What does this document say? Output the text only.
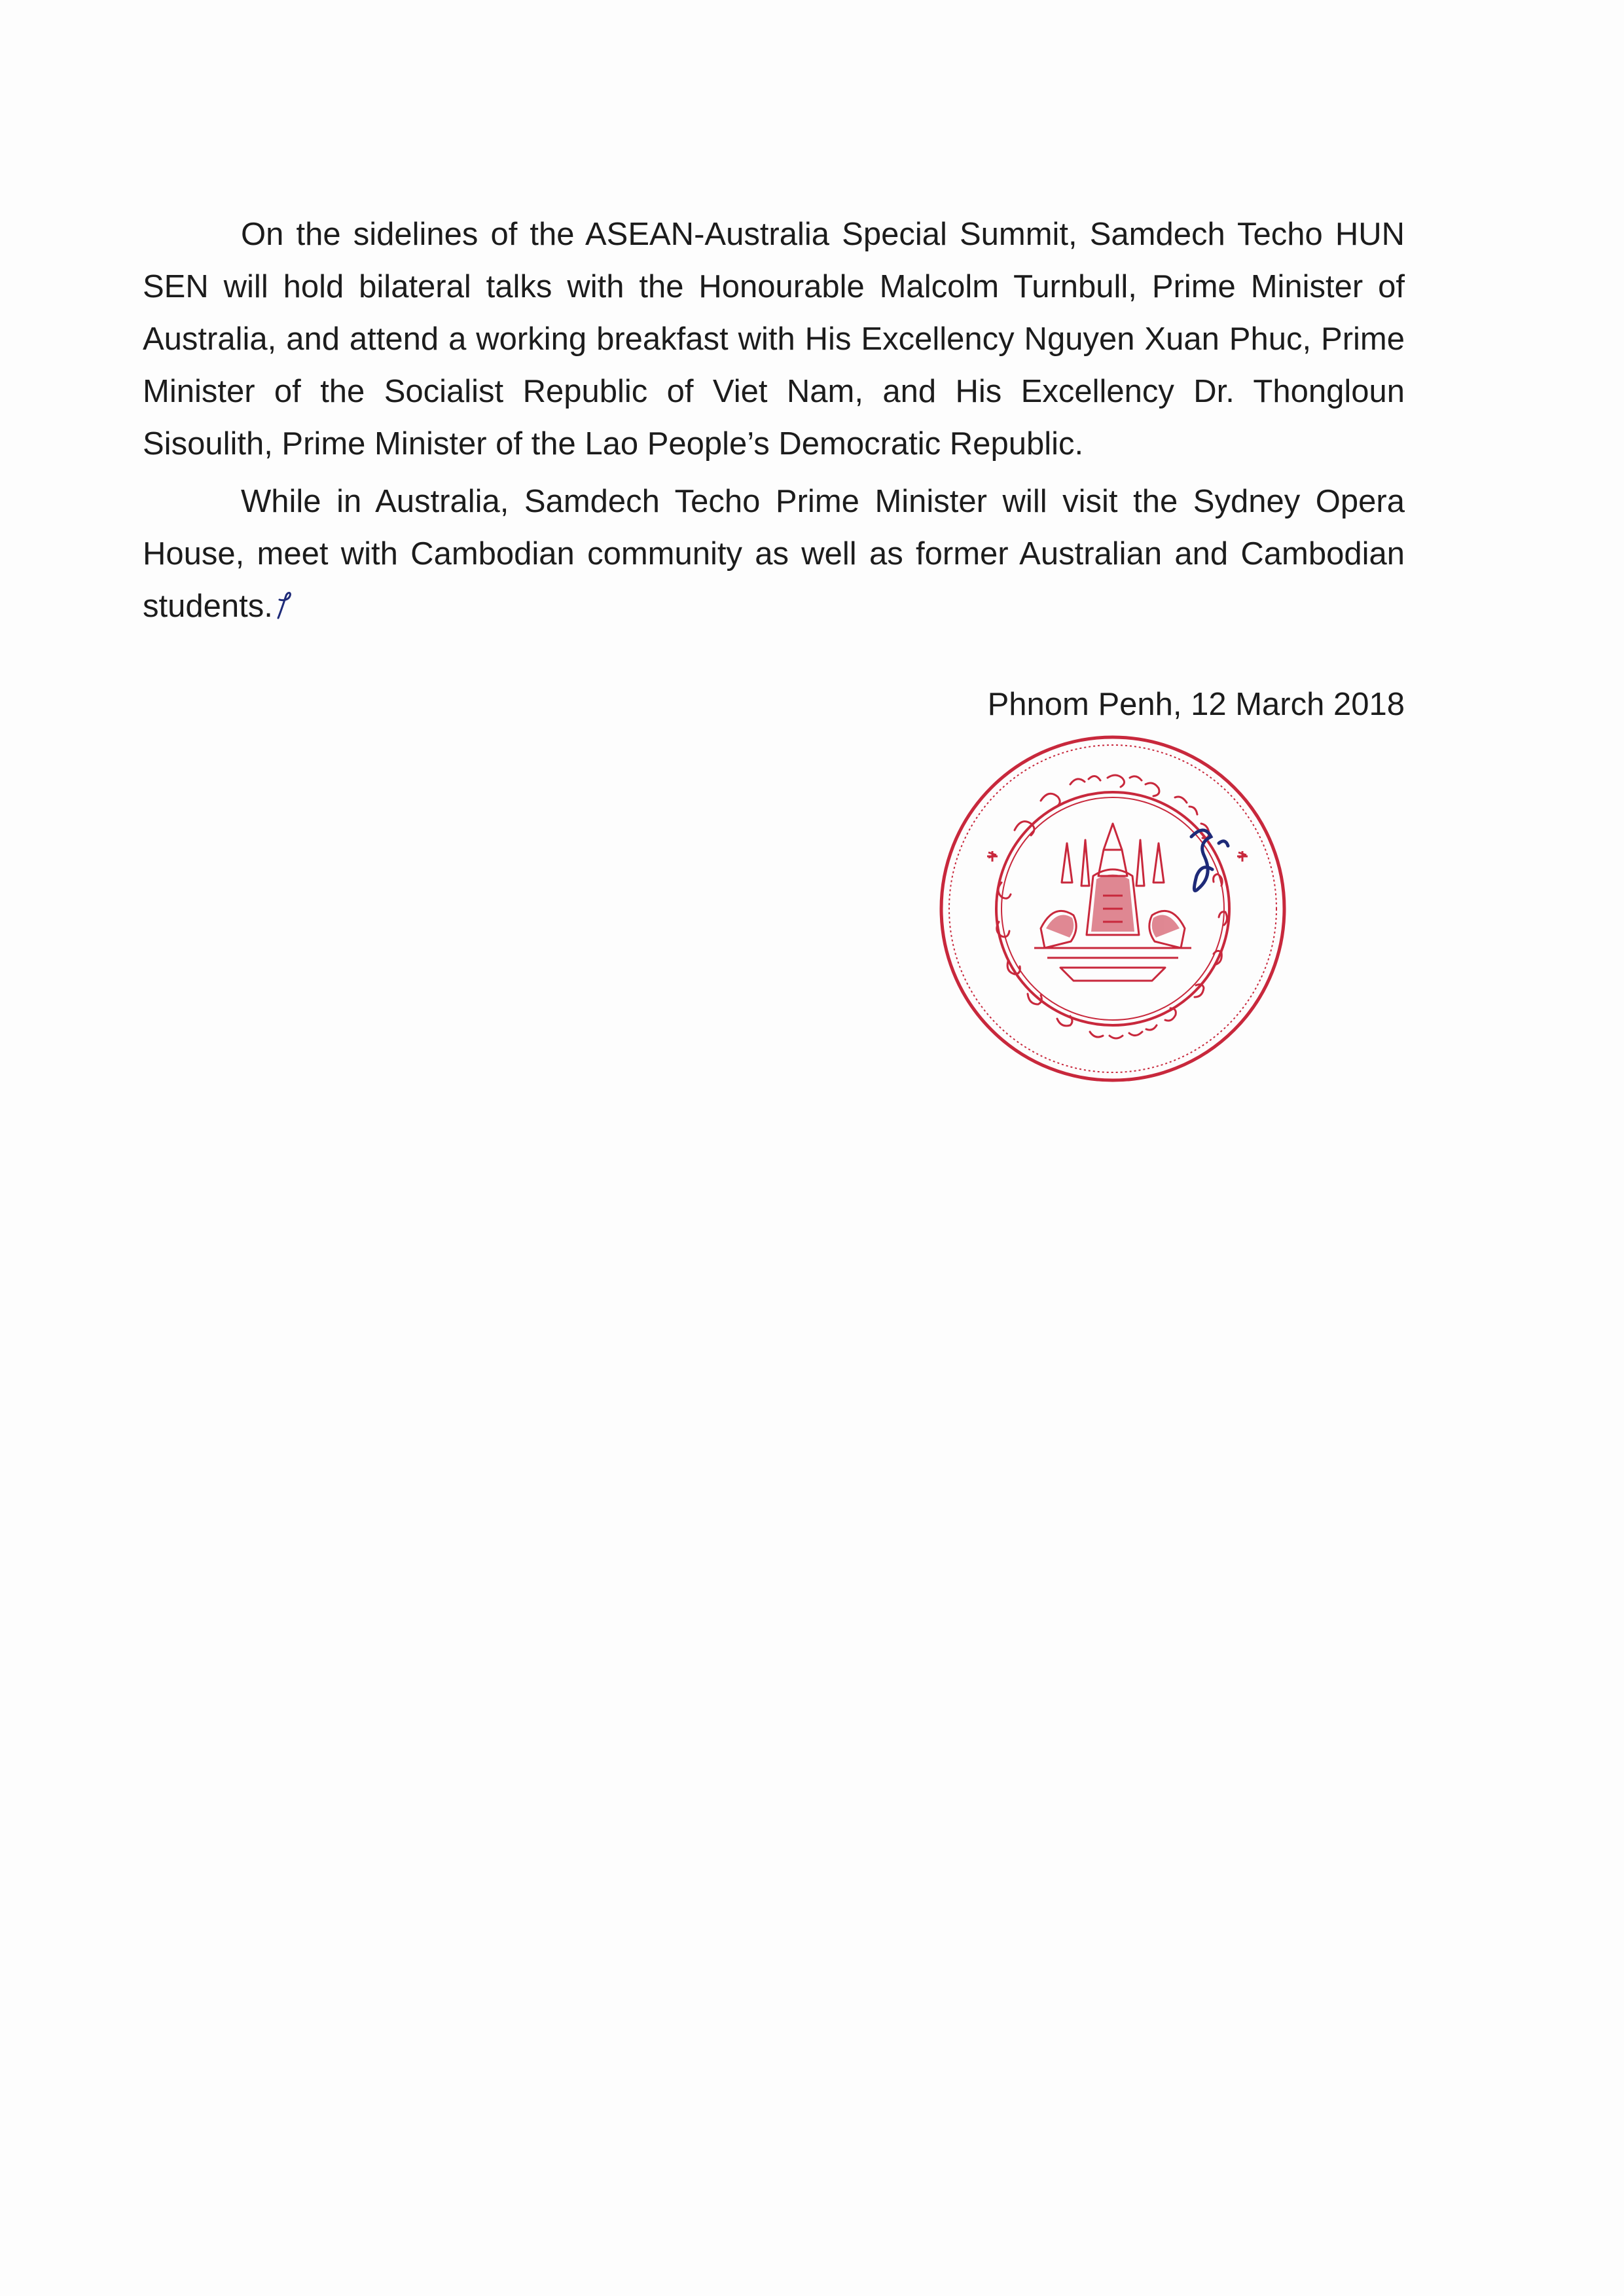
On the sidelines of the ASEAN-Australia Special Summit, Samdech Techo HUN SEN will hold bilateral talks with the Honourable Malcolm Turnbull, Prime Minister of Australia, and attend a working breakfast with His Excellency Nguyen Xuan Phuc, Prime Minister of the Socialist Republic of Viet Nam, and His Excellency Dr. Thongloun Sisoulith, Prime Minister of the Lao People’s Democratic Republic.

While in Australia, Samdech Techo Prime Minister will visit the Sydney Opera House, meet with Cambodian community as well as former Australian and Cambodian students.

Phnom Penh, 12 March 2018
